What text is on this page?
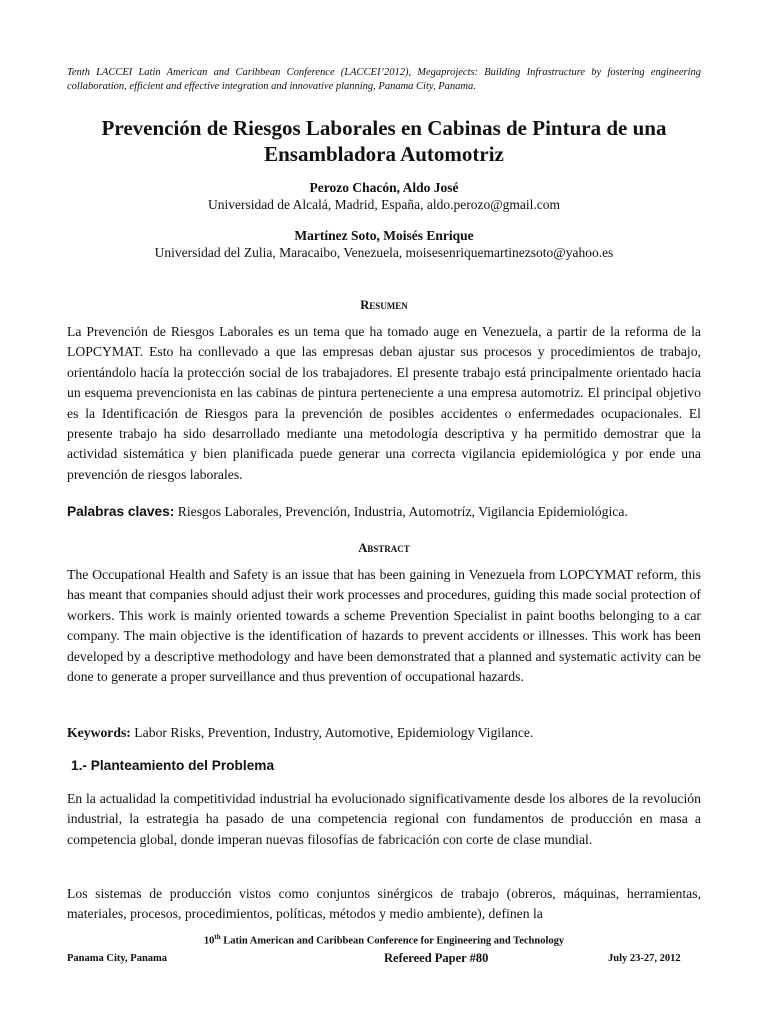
Tenth LACCEI Latin American and Caribbean Conference (LACCEI’2012), Megaprojects: Building Infrastructure by fostering engineering collaboration, efficient and effective integration and innovative planning, Panama City, Panama.
Prevención de Riesgos Laborales en Cabinas de Pintura de una
Ensambladora Automotriz
Perozo Chacón, Aldo José
Universidad de Alcalá, Madrid, España, aldo.perozo@gmail.com
Martínez Soto, Moisés Enrique
Universidad del Zulia, Maracaibo, Venezuela, moisesenriquemartinezsoto@yahoo.es
Resumen

La Prevención de Riesgos Laborales es un tema que ha tomado auge en Venezuela, a partir de la reforma de la LOPCYMAT. Esto ha conllevado a que las empresas deban ajustar sus procesos y procedimientos de trabajo, orientándolo hacía la protección social de los trabajadores. El presente trabajo está principalmente orientado hacia un esquema prevencionista en las cabinas de pintura perteneciente a una empresa automotriz. El principal objetivo es la Identificación de Riesgos para la prevención de posibles accidentes o enfermedades ocupacionales. El presente trabajo ha sido desarrollado mediante una metodología descriptiva y ha permitido demostrar que la actividad sistemática y bien planificada puede generar una correcta vigilancia epidemiológica y por ende una prevención de riesgos laborales.

Palabras claves: Riesgos Laborales, Prevención, Industria, Automotríz, Vigilancia Epidemiológica.

Abstract

The Occupational Health and Safety is an issue that has been gaining in Venezuela from LOPCYMAT reform, this has meant that companies should adjust their work processes and procedures, guiding this made social protection of workers. This work is mainly oriented towards a scheme Prevention Specialist in paint booths belonging to a car company. The main objective is the identification of hazards to prevent accidents or illnesses. This work has been developed by a descriptive methodology and have been demonstrated that a planned and systematic activity can be done to generate a proper surveillance and thus prevention of occupational hazards.

Keywords: Labor Risks, Prevention, Industry, Automotive, Epidemiology Vigilance.

1.- Planteamiento del Problema

En la actualidad la competitividad industrial ha evolucionado significativamente desde los albores de la revolución industrial, la estrategia ha pasado de una competencia regional con fundamentos de producción en masa a competencia global, donde imperan nuevas filosofías de fabricación con corte de clase mundial.

Los sistemas de producción vistos como conjuntos sinérgicos de trabajo (obreros, máquinas, herramientas, materiales, procesos, procedimientos, políticas, métodos y medio ambiente), definen la

10th Latin American and Caribbean Conference for Engineering and Technology
Panama City, Panama	Refereed Paper #80	July 23-27, 2012
